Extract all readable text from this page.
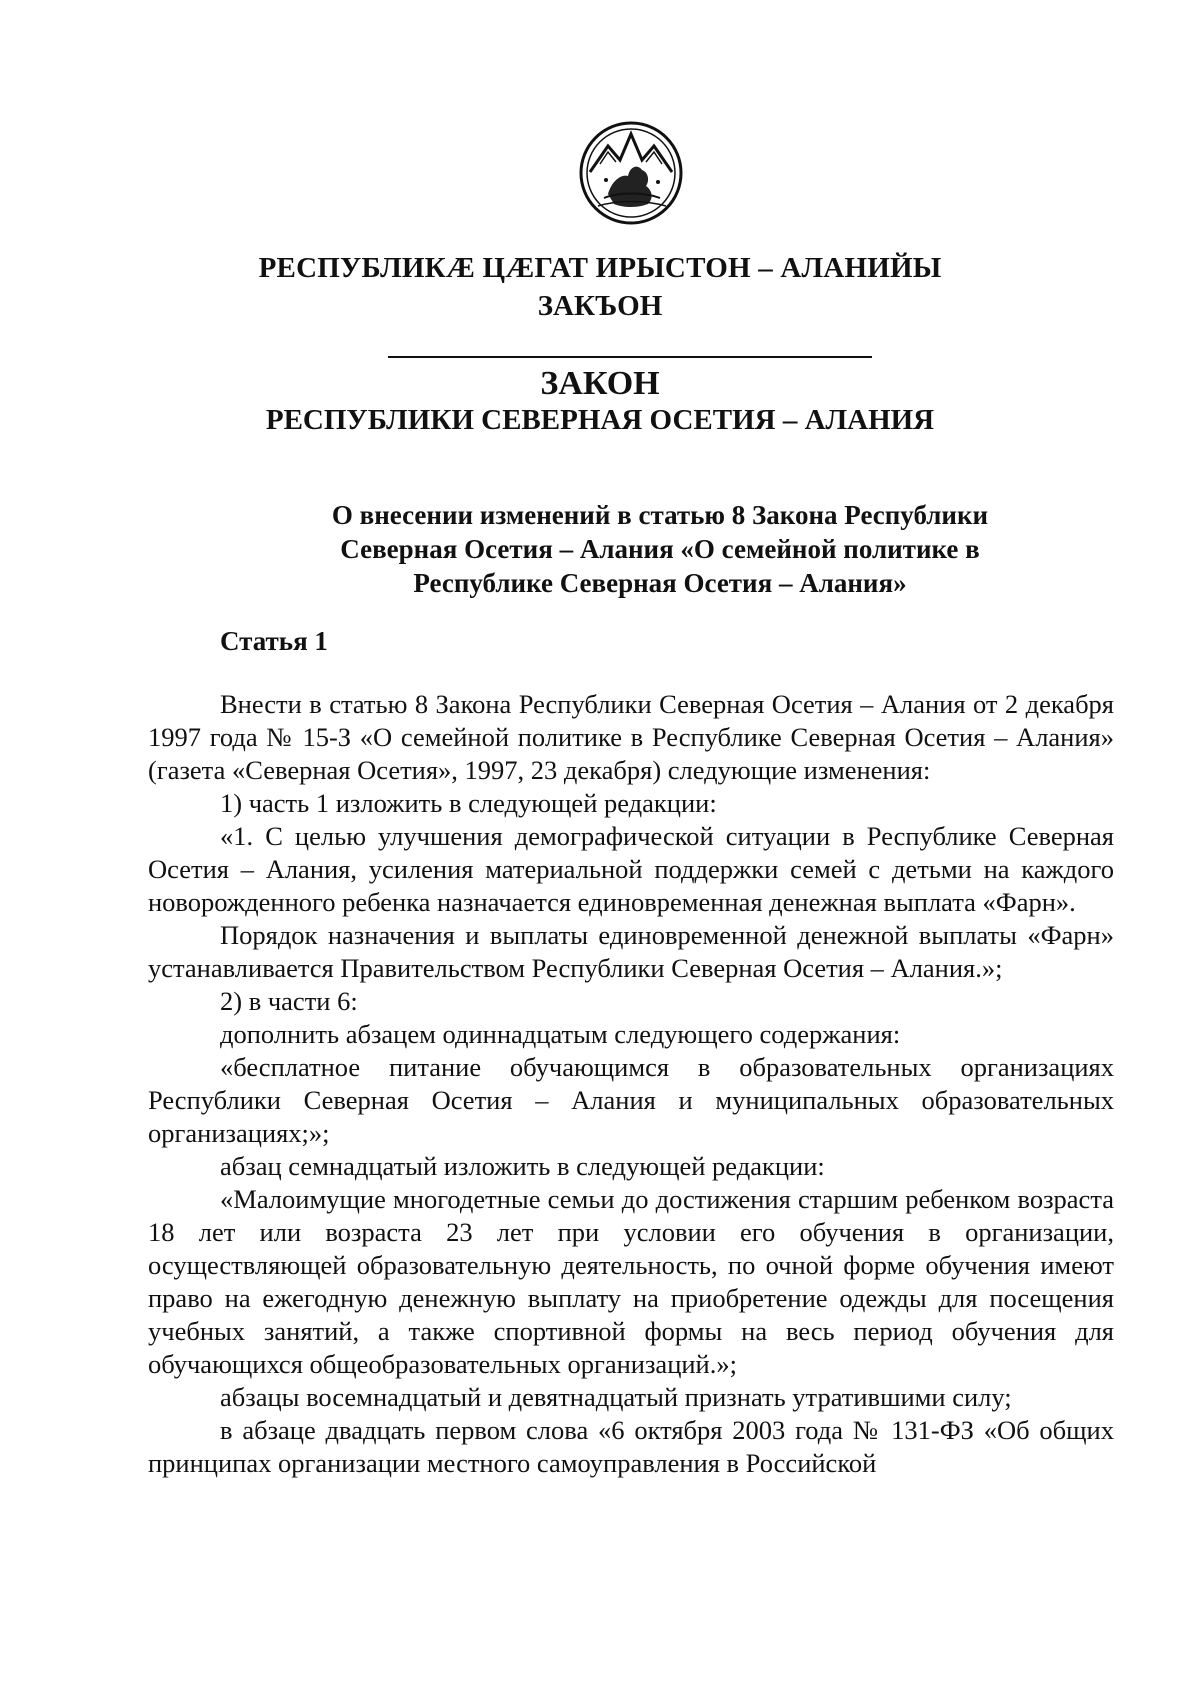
РЕСПУБЛИКӔ ЦӔГАТ ИРЫСТОН – АЛАНИЙЫ
ЗАКЪОН
ЗАКОН
РЕСПУБЛИКИ СЕВЕРНАЯ ОСЕТИЯ – АЛАНИЯ
О внесении изменений в статью 8 Закона Республики
Северная Осетия – Алания «О семейной политике в
Республике Северная Осетия – Алания»
Статья 1

Внести в статью 8 Закона Республики Северная Осетия – Алания от 2 декабря 1997 года № 15-З «О семейной политике в Республике Северная Осетия – Алания» (газета «Северная Осетия», 1997, 23 декабря) следующие изменения:

1) часть 1 изложить в следующей редакции:

«1. С целью улучшения демографической ситуации в Республике Северная Осетия – Алания, усиления материальной поддержки семей с детьми на каждого новорожденного ребенка назначается единовременная денежная выплата «Фарн».

Порядок назначения и выплаты единовременной денежной выплаты «Фарн» устанавливается Правительством Республики Северная Осетия – Алания.»;

2) в части 6:

дополнить абзацем одиннадцатым следующего содержания:

«бесплатное питание обучающимся в образовательных организациях Республики Северная Осетия – Алания и муниципальных образовательных организациях;»;

абзац семнадцатый изложить в следующей редакции:

«Малоимущие многодетные семьи до достижения старшим ребенком возраста 18 лет или возраста 23 лет при условии его обучения в организации, осуществляющей образовательную деятельность, по очной форме обучения имеют право на ежегодную денежную выплату на приобретение одежды для посещения учебных занятий, а также спортивной формы на весь период обучения для обучающихся общеобразовательных организаций.»;

абзацы восемнадцатый и девятнадцатый признать утратившими силу;

в абзаце двадцать первом слова «6 октября 2003 года № 131-ФЗ «Об общих принципах организации местного самоуправления в Российской
